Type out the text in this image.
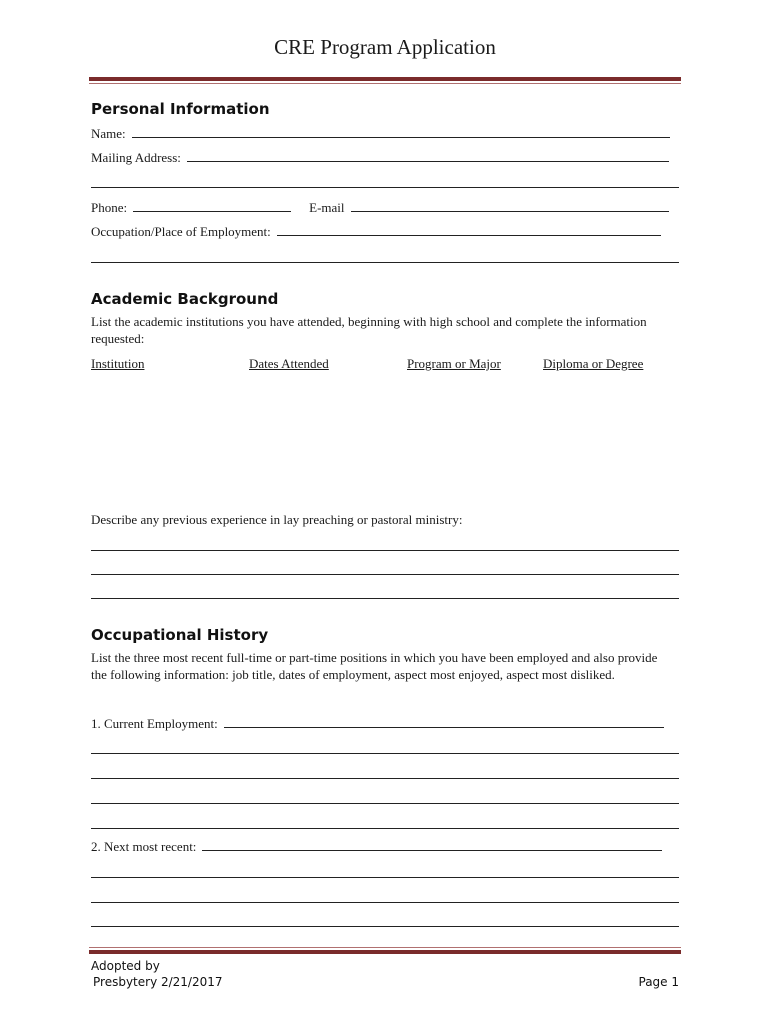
CRE Program Application
Personal Information
Name:
Mailing Address:
Phone:	E-mail
Occupation/Place of Employment:
Academic Background
List the academic institutions you have attended, beginning with high school and complete the information requested:
Institution	Dates Attended	Program or Major	Diploma or Degree
Describe any previous experience in lay preaching or pastoral ministry:
Occupational History
List the three most recent full-time or part-time positions in which you have been employed and also provide the following information: job title, dates of employment, aspect most enjoyed, aspect most disliked.
1. Current Employment:
2. Next most recent:
Adopted by
Presbytery 2/21/2017	Page 1
